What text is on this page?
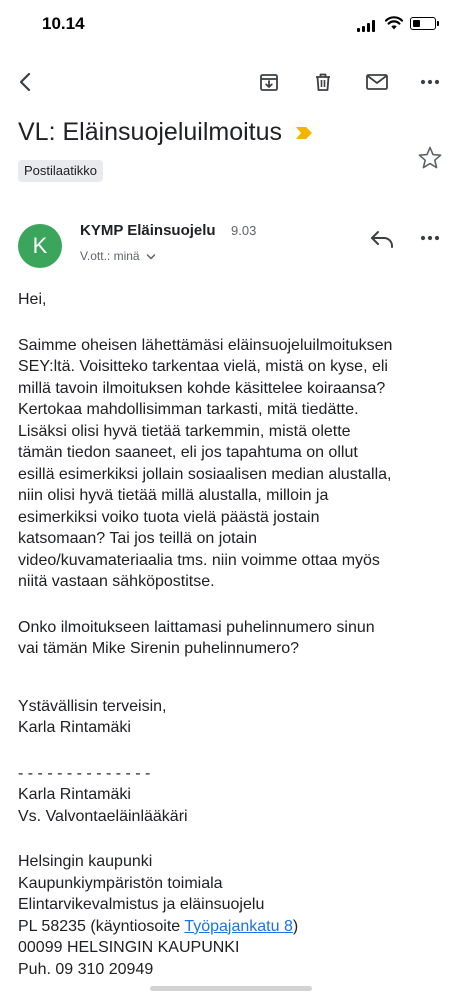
10.14
VL: Eläinsuojeluilmoitus
Postilaatikko
K
KYMP Eläinsuojelu 9.03
V.ott.: minä

Hei,

Saimme oheisen lähettämäsi eläinsuojeluilmoituksen
SEY:ltä. Voisitteko tarkentaa vielä, mistä on kyse, eli
millä tavoin ilmoituksen kohde käsittelee koiraansa?
Kertokaa mahdollisimman tarkasti, mitä tiedätte.
Lisäksi olisi hyvä tietää tarkemmin, mistä olette
tämän tiedon saaneet, eli jos tapahtuma on ollut
esillä esimerkiksi jollain sosiaalisen median alustalla,
niin olisi hyvä tietää millä alustalla, milloin ja
esimerkiksi voiko tuota vielä päästä jostain
katsomaan? Tai jos teillä on jotain
video/kuvamateriaalia tms. niin voimme ottaa myös
niitä vastaan sähköpostitse.

Onko ilmoitukseen laittamasi puhelinnumero sinun
vai tämän Mike Sirenin puhelinnumero?

Ystävällisin terveisin,
Karla Rintamäki

- - - - - - - - - - - - - -

Karla Rintamäki

Vs. Valvontaeläinlääkäri

Helsingin kaupunki

Kaupunkiympäristön toimiala

Elintarvikevalmistus ja eläinsuojelu

PL 58235 (käyntiosoite Työpajankatu 8)

00099 HELSINGIN KAUPUNKI

Puh. 09 310 20949
